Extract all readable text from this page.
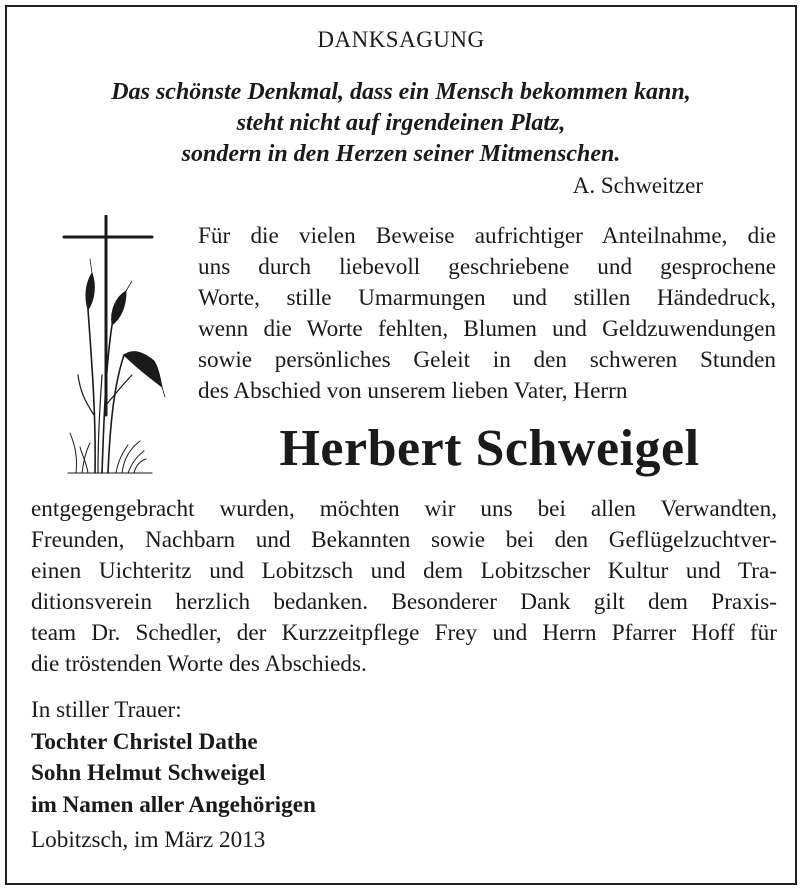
DANKSAGUNG
Das schönste Denkmal, dass ein Mensch bekommen kann,
steht nicht auf irgendeinen Platz,
sondern in den Herzen seiner Mitmenschen.
A. Schweitzer
Für die vielen Beweise aufrichtiger Anteilnahme, die
uns durch liebevoll geschriebene und gesprochene
Worte, stille Umarmungen und stillen Händedruck,
wenn die Worte fehlten, Blumen und Geldzuwendungen
sowie persönliches Geleit in den schweren Stunden
des Abschied von unserem lieben Vater, Herrn
Herbert Schweigel
entgegengebracht wurden, möchten wir uns bei allen Verwandten,
Freunden, Nachbarn und Bekannten sowie bei den Geflügelzuchtver-
einen Uichteritz und Lobitzsch und dem Lobitzscher Kultur und Tra-
ditionsverein herzlich bedanken. Besonderer Dank gilt dem Praxis-
team Dr. Schedler, der Kurzzeitpflege Frey und Herrn Pfarrer Hoff für
die tröstenden Worte des Abschieds.
In stiller Trauer:
Tochter Christel Dathe
Sohn Helmut Schweigel
im Namen aller Angehörigen
Lobitzsch, im März 2013
